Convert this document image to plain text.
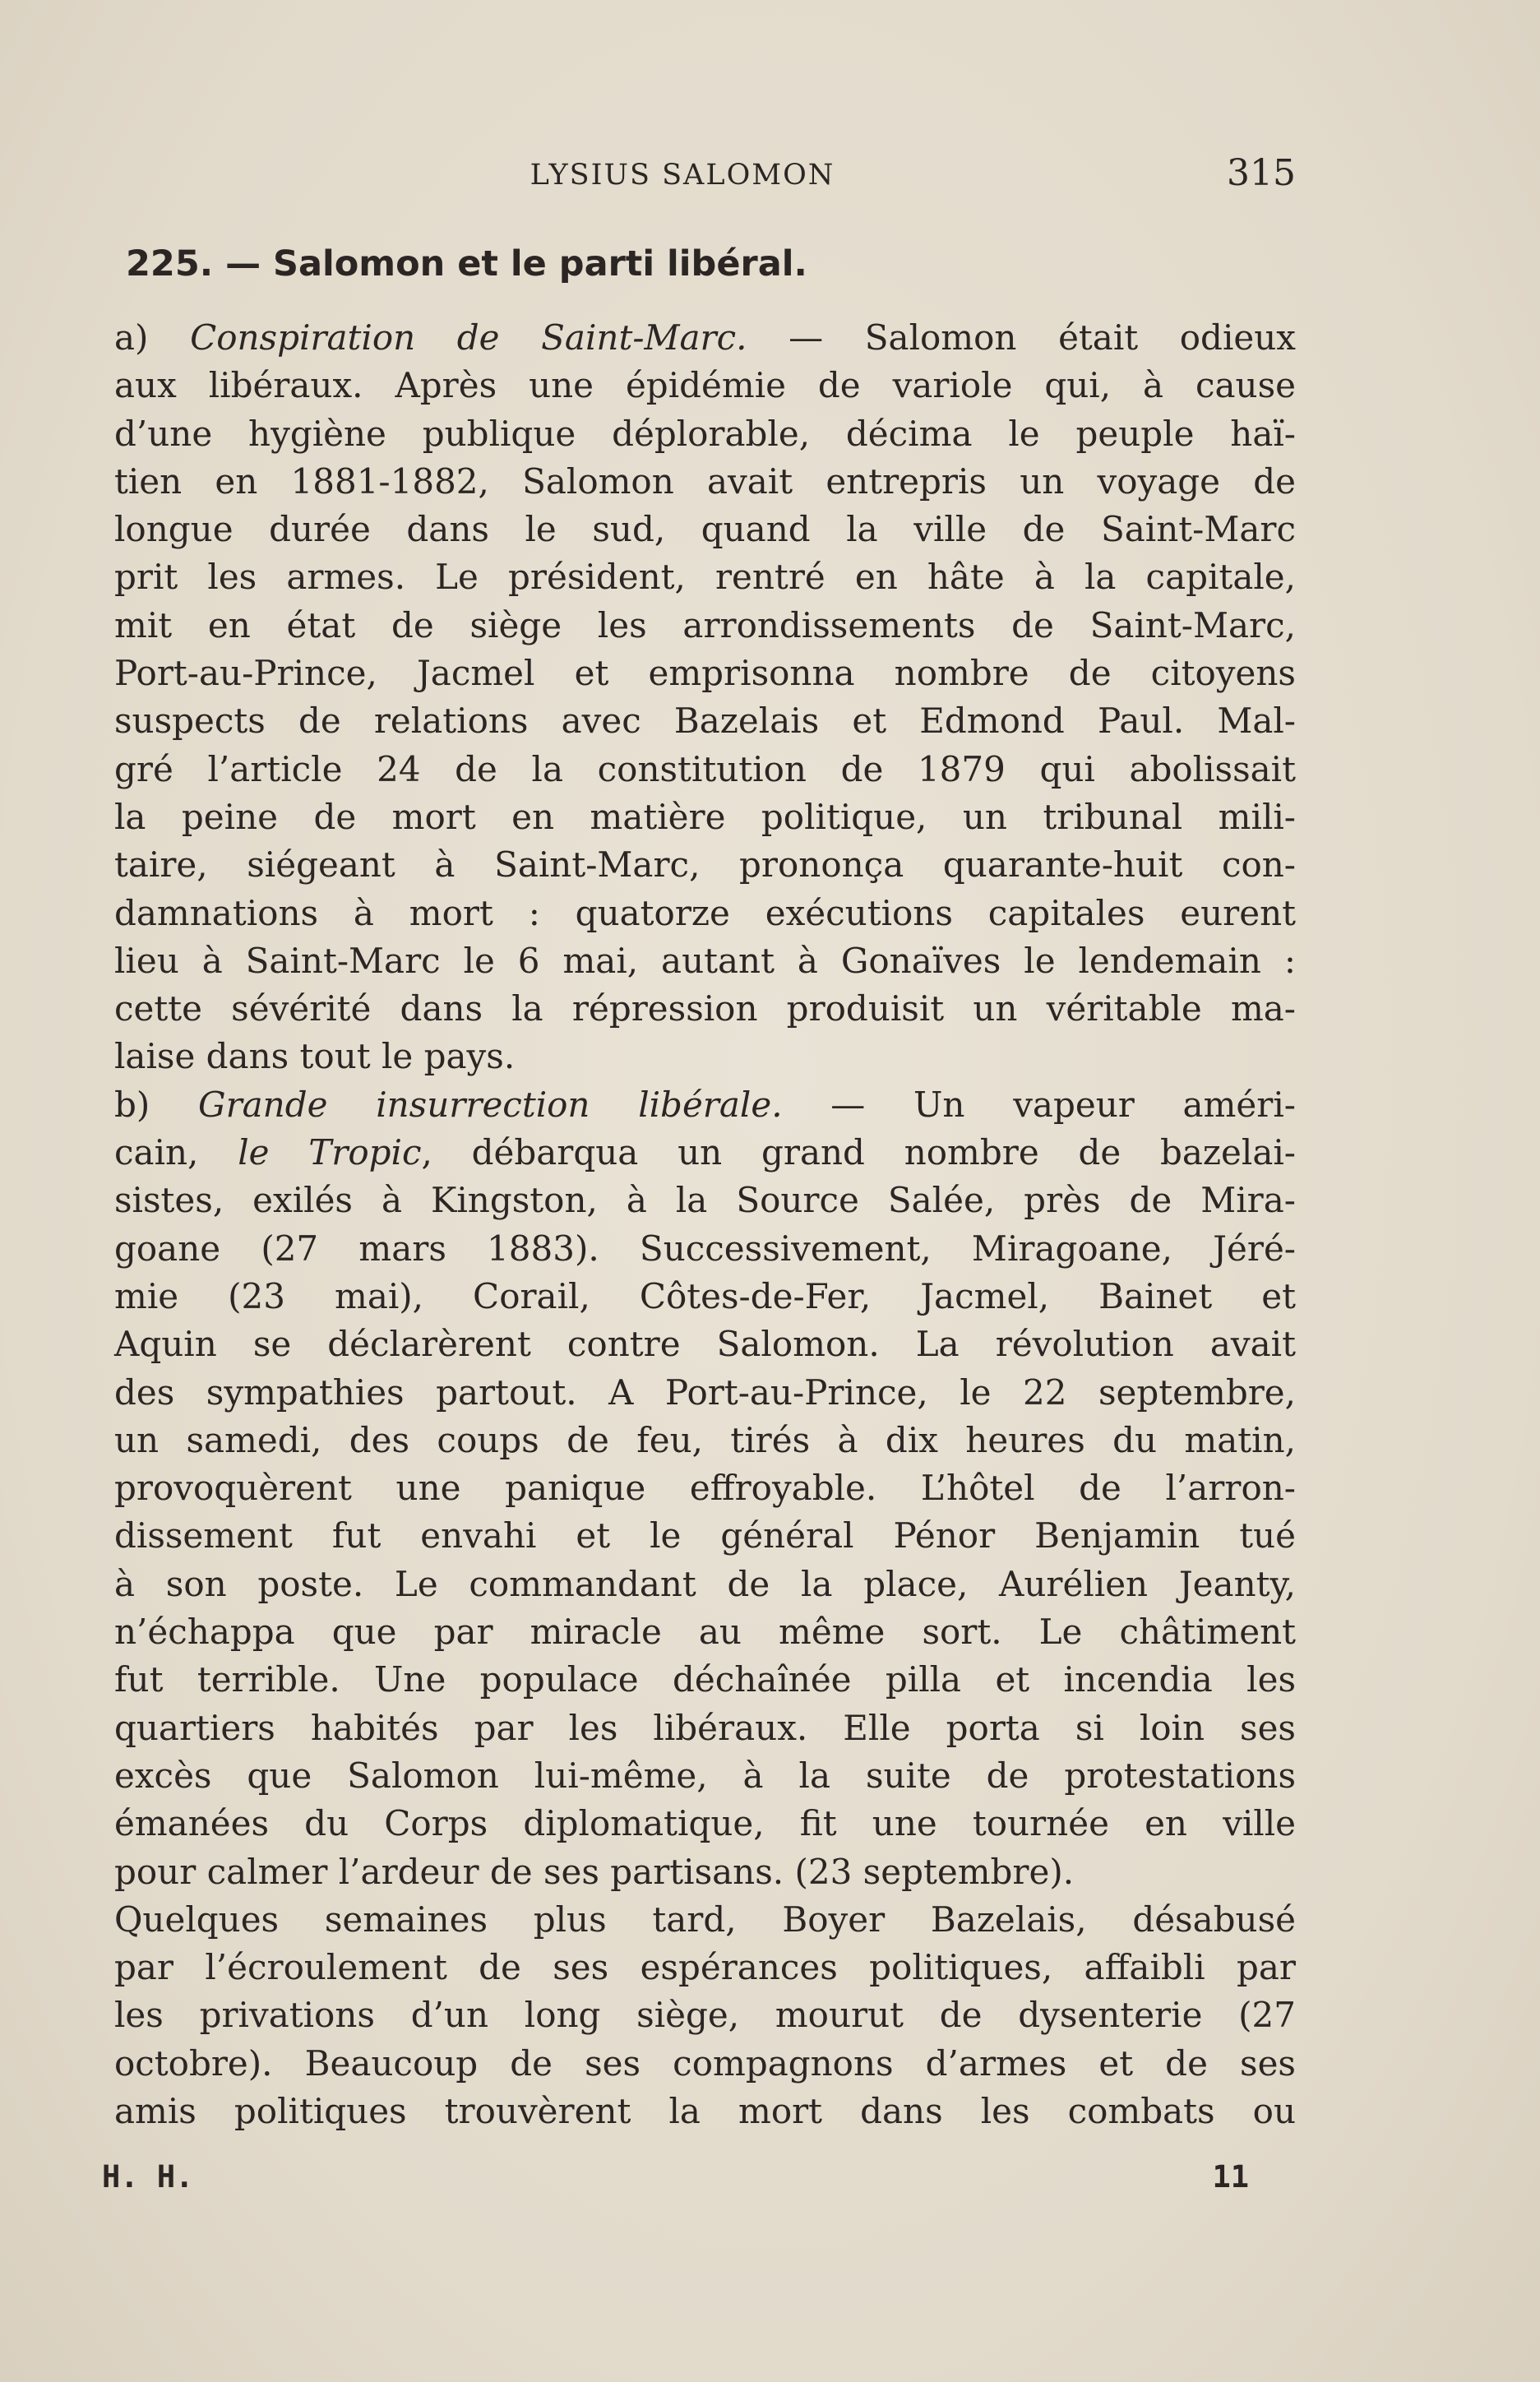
LYSIUS SALOMON	315
225. — Salomon et le parti libéral.
a) Conspiration de Saint-Marc. — Salomon était odieux
aux libéraux. Après une épidémie de variole qui, à cause
d’une hygiène publique déplorable, décima le peuple haï-
tien en 1881-1882, Salomon avait entrepris un voyage de
longue durée dans le sud, quand la ville de Saint-Marc
prit les armes. Le président, rentré en hâte à la capitale,
mit en état de siège les arrondissements de Saint-Marc,
Port-au-Prince, Jacmel et emprisonna nombre de citoyens
suspects de relations avec Bazelais et Edmond Paul. Mal-
gré l’article 24 de la constitution de 1879 qui abolissait
la peine de mort en matière politique, un tribunal mili-
taire, siégeant à Saint-Marc, prononça quarante-huit con-
damnations à mort : quatorze exécutions capitales eurent
lieu à Saint-Marc le 6 mai, autant à Gonaïves le lendemain :
cette sévérité dans la répression produisit un véritable ma-
laise dans tout le pays.
b) Grande insurrection libérale. — Un vapeur améri-
cain, le Tropic, débarqua un grand nombre de bazelai-
sistes, exilés à Kingston, à la Source Salée, près de Mira-
goane (27 mars 1883). Successivement, Miragoane, Jéré-
mie (23 mai), Corail, Côtes-de-Fer, Jacmel, Bainet et
Aquin se déclarèrent contre Salomon. La révolution avait
des sympathies partout. A Port-au-Prince, le 22 septembre,
un samedi, des coups de feu, tirés à dix heures du matin,
provoquèrent une panique effroyable. L’hôtel de l’arron-
dissement fut envahi et le général Pénor Benjamin tué
à son poste. Le commandant de la place, Aurélien Jeanty,
n’échappa que par miracle au même sort. Le châtiment
fut terrible. Une populace déchaînée pilla et incendia les
quartiers habités par les libéraux. Elle porta si loin ses
excès que Salomon lui-même, à la suite de protestations
émanées du Corps diplomatique, fit une tournée en ville
pour calmer l’ardeur de ses partisans. (23 septembre).
Quelques semaines plus tard, Boyer Bazelais, désabusé
par l’écroulement de ses espérances politiques, affaibli par
les privations d’un long siège, mourut de dysenterie (27
octobre). Beaucoup de ses compagnons d’armes et de ses
amis politiques trouvèrent la mort dans les combats ou
H. H.	11
